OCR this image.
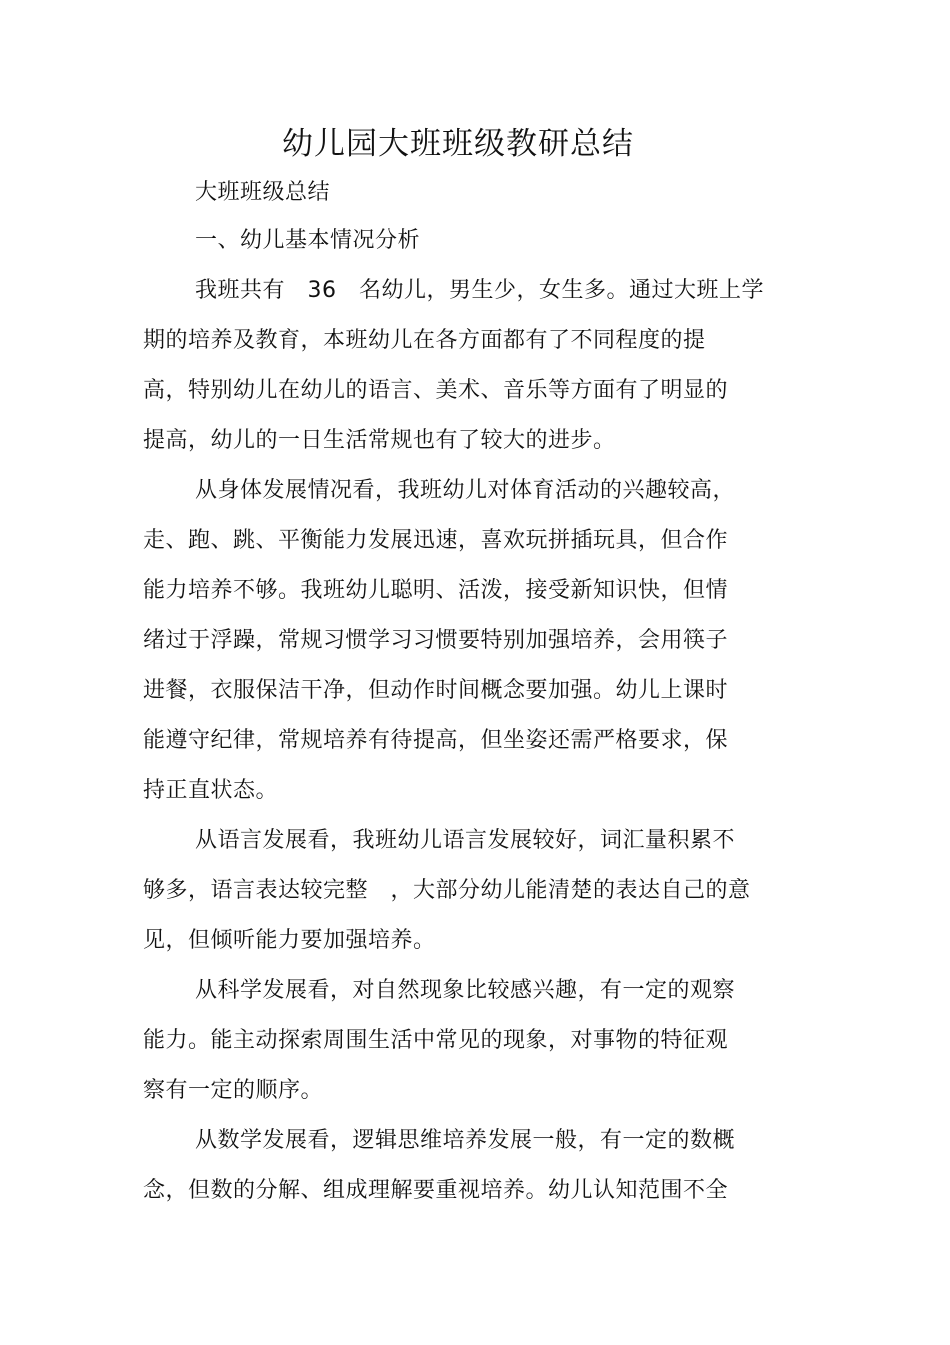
幼儿园大班班级教研总结
大班班级总结
一、幼儿基本情况分析
我班共有　36　名幼儿，男生少，女生多。通过大班上学
期的培养及教育，本班幼儿在各方面都有了不同程度的提
高，特别幼儿在幼儿的语言、美术、音乐等方面有了明显的
提高，幼儿的一日生活常规也有了较大的进步。
从身体发展情况看，我班幼儿对体育活动的兴趣较高，
走、跑、跳、平衡能力发展迅速，喜欢玩拼插玩具，但合作
能力培养不够。我班幼儿聪明、活泼，接受新知识快，但情
绪过于浮躁，常规习惯学习习惯要特别加强培养，会用筷子
进餐，衣服保洁干净，但动作时间概念要加强。幼儿上课时
能遵守纪律，常规培养有待提高，但坐姿还需严格要求，保
持正直状态。
从语言发展看，我班幼儿语言发展较好，词汇量积累不
够多，语言表达较完整　，大部分幼儿能清楚的表达自己的意
见，但倾听能力要加强培养。
从科学发展看，对自然现象比较感兴趣，有一定的观察
能力。能主动探索周围生活中常见的现象，对事物的特征观
察有一定的顺序。
从数学发展看，逻辑思维培养发展一般，有一定的数概
念，但数的分解、组成理解要重视培养。幼儿认知范围不全
